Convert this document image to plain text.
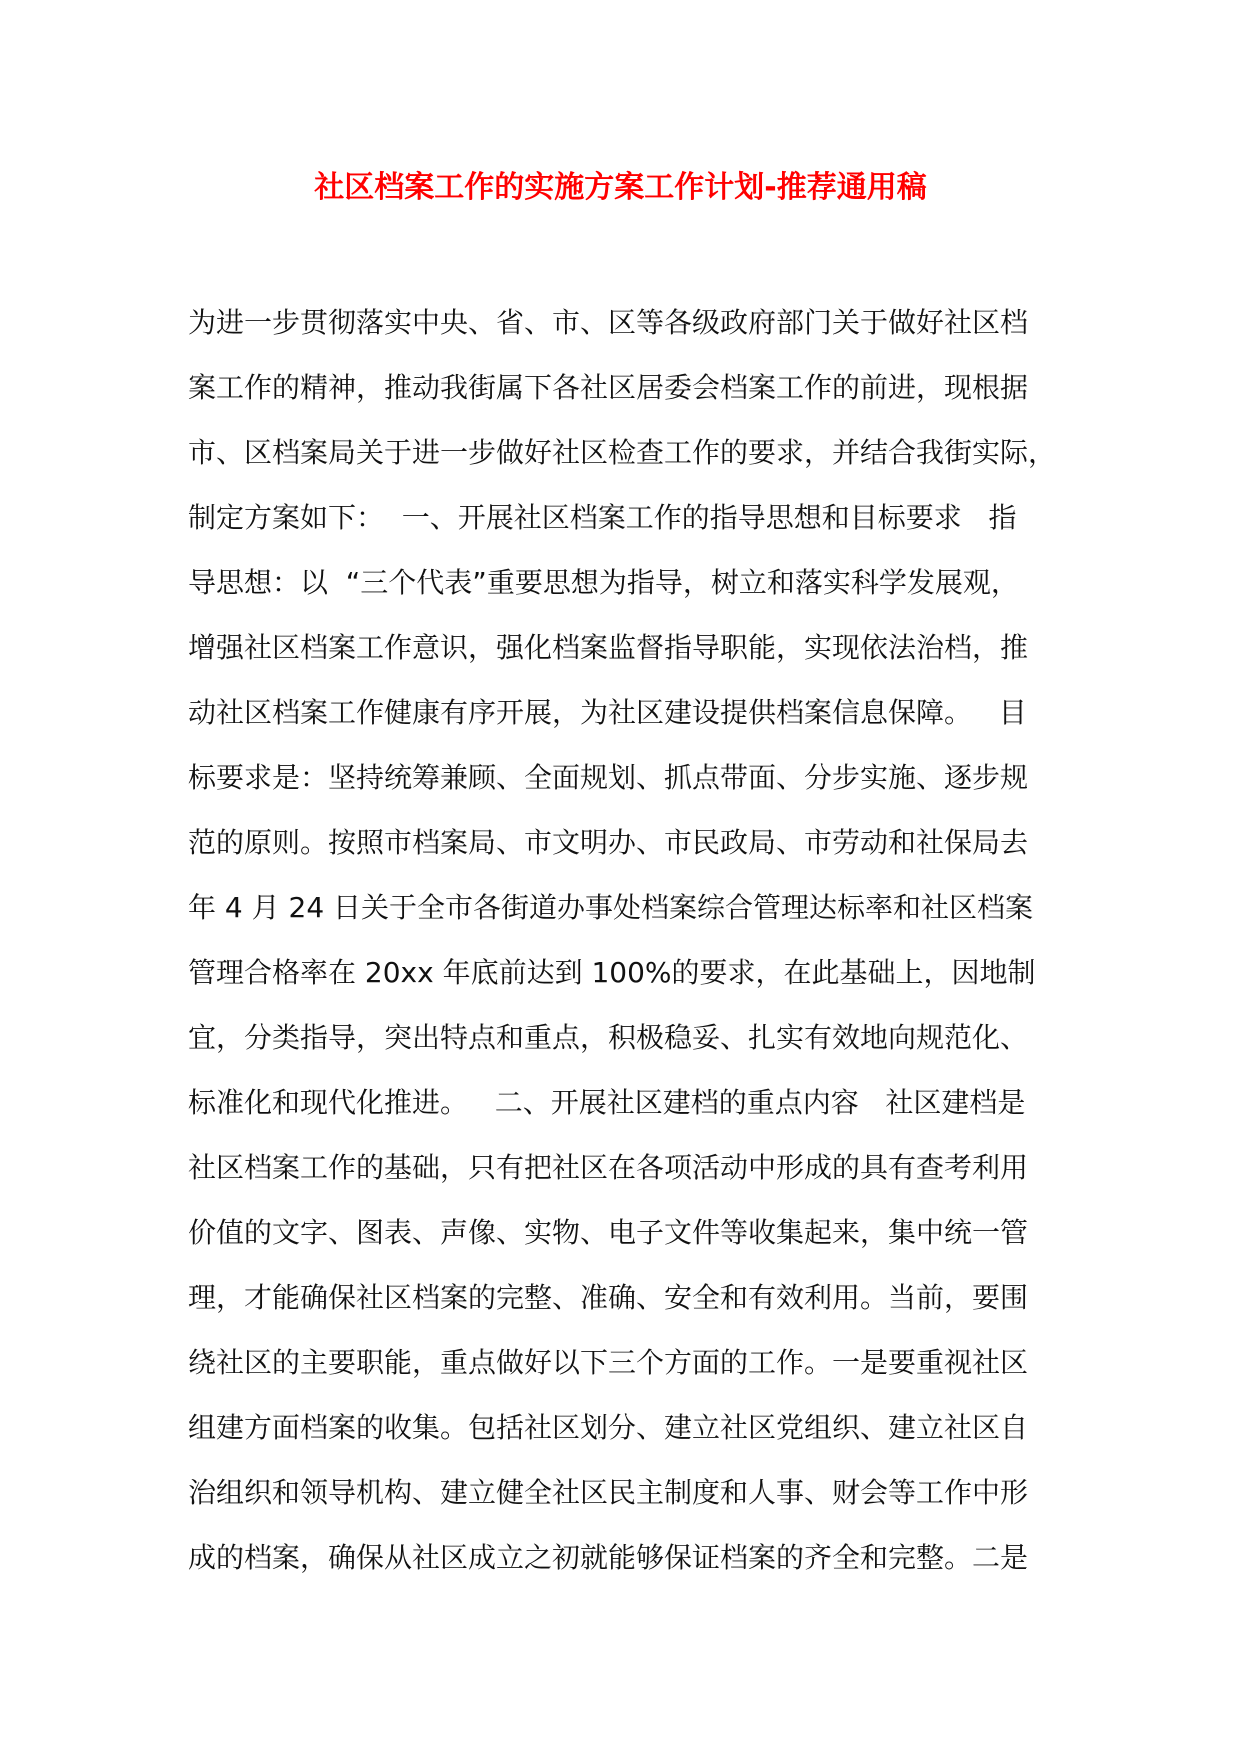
社区档案工作的实施方案工作计划-推荐通用稿
为进一步贯彻落实中央、省、市、区等各级政府部门关于做好社区档
案工作的精神，推动我街属下各社区居委会档案工作的前进，现根据
市、区档案局关于进一步做好社区检查工作的要求，并结合我街实际，
制定方案如下：  一、开展社区档案工作的指导思想和目标要求   指
导思想：以  “三个代表”重要思想为指导，树立和落实科学发展观，
增强社区档案工作意识，强化档案监督指导职能，实现依法治档，推
动社区档案工作健康有序开展，为社区建设提供档案信息保障。   目
标要求是：坚持统筹兼顾、全面规划、抓点带面、分步实施、逐步规
范的原则。按照市档案局、市文明办、市民政局、市劳动和社保局去
年 4 月 24 日关于全市各街道办事处档案综合管理达标率和社区档案
管理合格率在 20xx 年底前达到 100%的要求，在此基础上，因地制
宜，分类指导，突出特点和重点，积极稳妥、扎实有效地向规范化、
标准化和现代化推进。   二、开展社区建档的重点内容   社区建档是
社区档案工作的基础，只有把社区在各项活动中形成的具有查考利用
价值的文字、图表、声像、实物、电子文件等收集起来，集中统一管
理，才能确保社区档案的完整、准确、安全和有效利用。当前，要围
绕社区的主要职能，重点做好以下三个方面的工作。一是要重视社区
组建方面档案的收集。包括社区划分、建立社区党组织、建立社区自
治组织和领导机构、建立健全社区民主制度和人事、财会等工作中形
成的档案，确保从社区成立之初就能够保证档案的齐全和完整。二是
